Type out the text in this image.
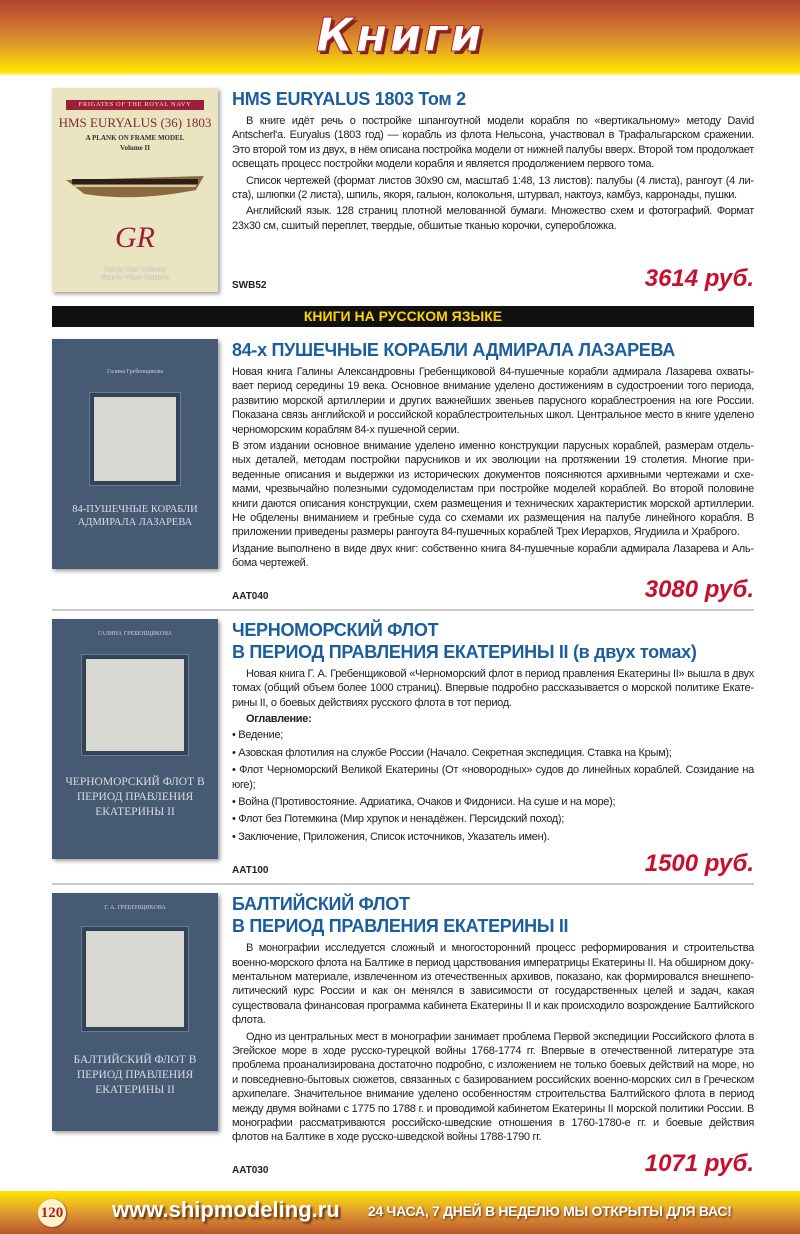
Книги
FRIGATES OF THE ROYAL NAVY
HMS EURYALUS (36) 1803
A PLANK ON FRAME MODEL
Volume II
GR
Text by Allan Yedlinsky
Plans by Wayne Kempson
HMS EURYALUS 1803 Том 2

В книге идёт речь о постройке шпангоутной модели корабля по «вертикальному» методу David Antscherl'a. Euryalus (1803 год) — корабль из флота Нельсона, участвовал в Трафальгарском сражении. Это второй том из двух, в нём описана постройка модели от нижней палубы вверх. Второй том продолжает освещать процесс постройки модели корабля и является продолжением первого тома.

Список чертежей (формат листов 30х90 см, масштаб 1:48, 13 листов): палубы (4 листа), рангоут (4 листа), шлюпки (2 листа), шпиль, якоря, гальюн, колокольня, штурвал, нактоуз, камбуз, карронады, пушки.

Английский язык. 128 страниц плотной мелованной бумаги. Множество схем и фотографий. Формат 23х30 см, сшитый переплет, твердые, обшитые тканью корочки, суперобложка.

SWB52	3614 руб.
КНИГИ НА РУССКОМ ЯЗЫКЕ
Галина Гребенщикова
84-ПУШЕЧНЫЕ КОРАБЛИ АДМИРАЛА ЛАЗАРЕВА
84-х ПУШЕЧНЫЕ КОРАБЛИ АДМИРАЛА ЛАЗАРЕВА

Новая книга Галины Александровны Гребенщиковой 84-пушечные корабли адмирала Лазарева охватывает период середины 19 века. Основное внимание уделено достижениям в судостроении того периода, развитию морской артиллерии и других важнейших звеньев парусного кораблестроения на юге России. Показана связь английской и российской кораблестроительных школ. Центральное место в книге уделено черноморским кораблям 84-х пушечной серии.

В этом издании основное внимание уделено именно конструкции парусных кораблей, размерам отдельных деталей, методам постройки парусников и их эволюции на протяжении 19 столетия. Многие приведенные описания и выдержки из исторических документов поясняются архивными чертежами и схемами, чрезвычайно полезными судомоделистам при постройке моделей кораблей. Во второй половине книги даются описания конструкции, схем размещения и технических характеристик морской артиллерии. Не обделены вниманием и гребные суда со схемами их размещения на палубе линейного корабля. В приложении приведены размеры рангоута 84-пушечных кораблей Трех Иерархов, Ягудиила и Храброго.

Издание выполнено в виде двух книг: собственно книга 84-пушечные корабли адмирала Лазарева и Альбома чертежей.

AAT040	3080 руб.
ГАЛИНА ГРЕБЕНЩИКОВА
ЧЕРНОМОРСКИЙ ФЛОТ В ПЕРИОД ПРАВЛЕНИЯ ЕКАТЕРИНЫ II
ЧЕРНОМОРСКИЙ ФЛОТ
В ПЕРИОД ПРАВЛЕНИЯ ЕКАТЕРИНЫ II (в двух томах)

Новая книга Г. А. Гребенщиковой «Черноморский флот в период правления Екатерины II» вышла в двух томах (общий объем более 1000 страниц). Впервые подробно рассказывается о морской политике Екатерины II, о боевых действиях русского флота в тот период.

Оглавление:

• Ведение;
• Азовская флотилия на службе России (Начало. Секретная экспедиция. Ставка на Крым);
• Флот Черноморский Великой Екатерины (От «новородных» судов до линейных кораблей. Созидание на юге);
• Война (Противостояние. Адриатика, Очаков и Фидониси. На суше и на море);
• Флот без Потемкина (Мир хрупок и ненадёжен. Персидский поход);
• Заключение, Приложения, Список источников, Указатель имен).
AAT100	1500 руб.
Г. А. ГРЕБЕНЩИКОВА
БАЛТИЙСКИЙ ФЛОТ В ПЕРИОД ПРАВЛЕНИЯ ЕКАТЕРИНЫ II
БАЛТИЙСКИЙ ФЛОТ
В ПЕРИОД ПРАВЛЕНИЯ ЕКАТЕРИНЫ II

В монографии исследуется сложный и многосторонний процесс реформирования и строительства военно-морского флота на Балтике в период царствования императрицы Екатерины II. На обширном документальном материале, извлеченном из отечественных архивов, показано, как формировался внешнеполитический курс России и как он менялся в зависимости от государственных целей и задач, какая существовала финансовая программа кабинета Екатерины II и как происходило возрождение Балтийского флота.

Одно из центральных мест в монографии занимает проблема Первой экспедиции Российского флота в Эгейское море в ходе русско-турецкой войны 1768-1774 гг. Впервые в отечественной литературе эта проблема проанализирована достаточно подробно, с изложением не только боевых действий на море, но и повседневно-бытовых сюжетов, связанных с базированием российских военно-морских сил в Греческом архипелаге. Значительное внимание уделено особенностям строительства Балтийского флота в период между двумя войнами с 1775 по 1788 г. и проводимой кабинетом Екатерины II морской политики России. В монографии рассматриваются российско-шведские отношения в 1760-1780-е гг. и боевые действия флотов на Балтике в ходе русско-шведской войны 1788-1790 гг.

AAT030	1071 руб.
120 www.shipmodeling.ru 24 ЧАСА, 7 ДНЕЙ В НЕДЕЛЮ МЫ ОТКРЫТЫ ДЛЯ ВАС!
